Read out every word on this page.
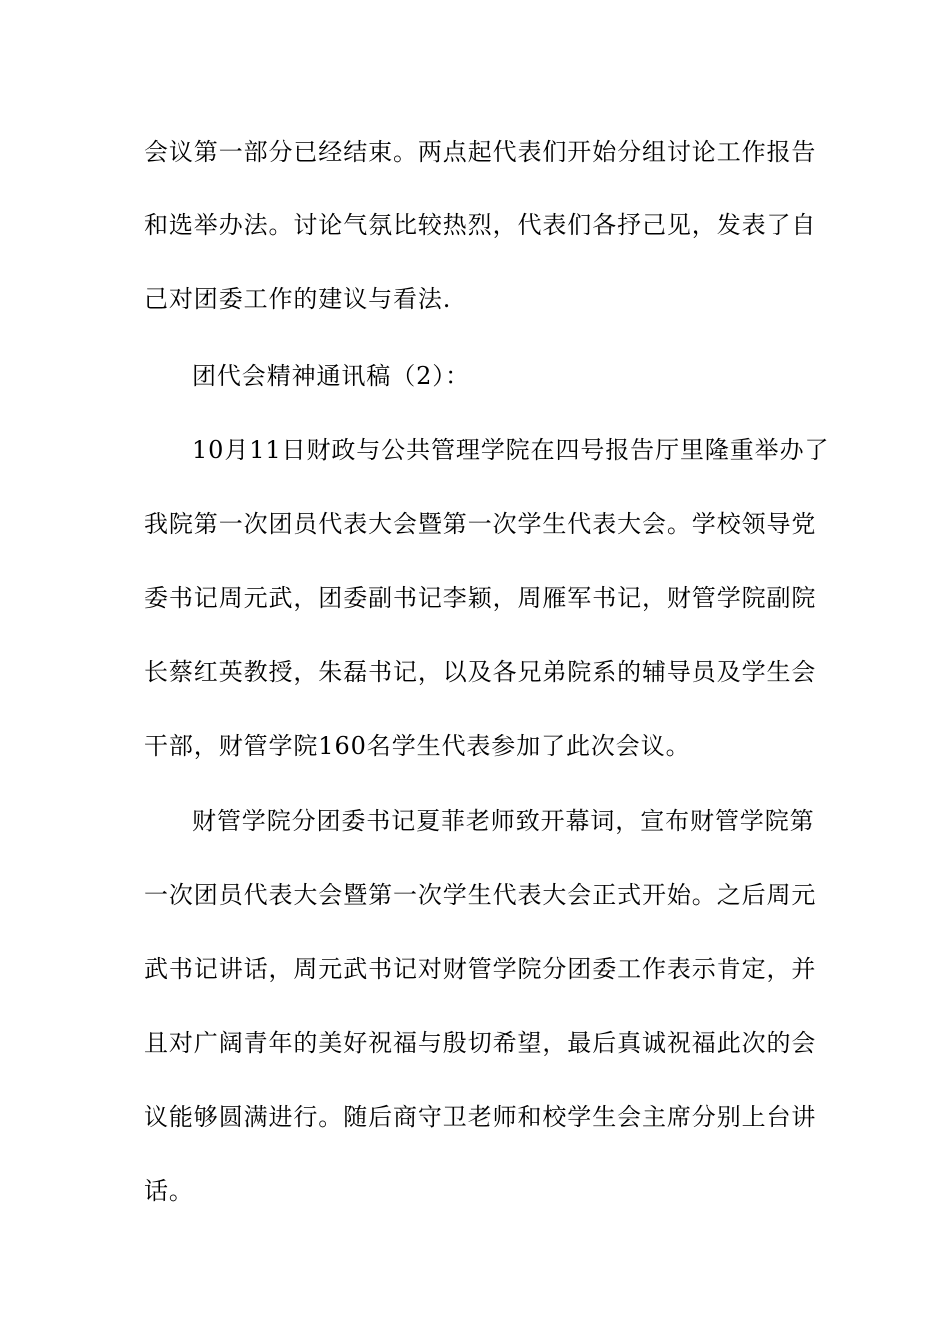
会议第一部分已经结束。两点起代表们开始分组讨论工作报告
和选举办法。讨论气氛比较热烈，代表们各抒己见，发表了自
己对团委工作的建议与看法.
团代会精神通讯稿（2）：
10月11日财政与公共管理学院在四号报告厅里隆重举办了
我院第一次团员代表大会暨第一次学生代表大会。学校领导党
委书记周元武，团委副书记李颖，周雁军书记，财管学院副院
长蔡红英教授，朱磊书记，以及各兄弟院系的辅导员及学生会
干部，财管学院160名学生代表参加了此次会议。
财管学院分团委书记夏菲老师致开幕词，宣布财管学院第
一次团员代表大会暨第一次学生代表大会正式开始。之后周元
武书记讲话，周元武书记对财管学院分团委工作表示肯定，并
且对广阔青年的美好祝福与殷切希望，最后真诚祝福此次的会
议能够圆满进行。随后商守卫老师和校学生会主席分别上台讲
话。
